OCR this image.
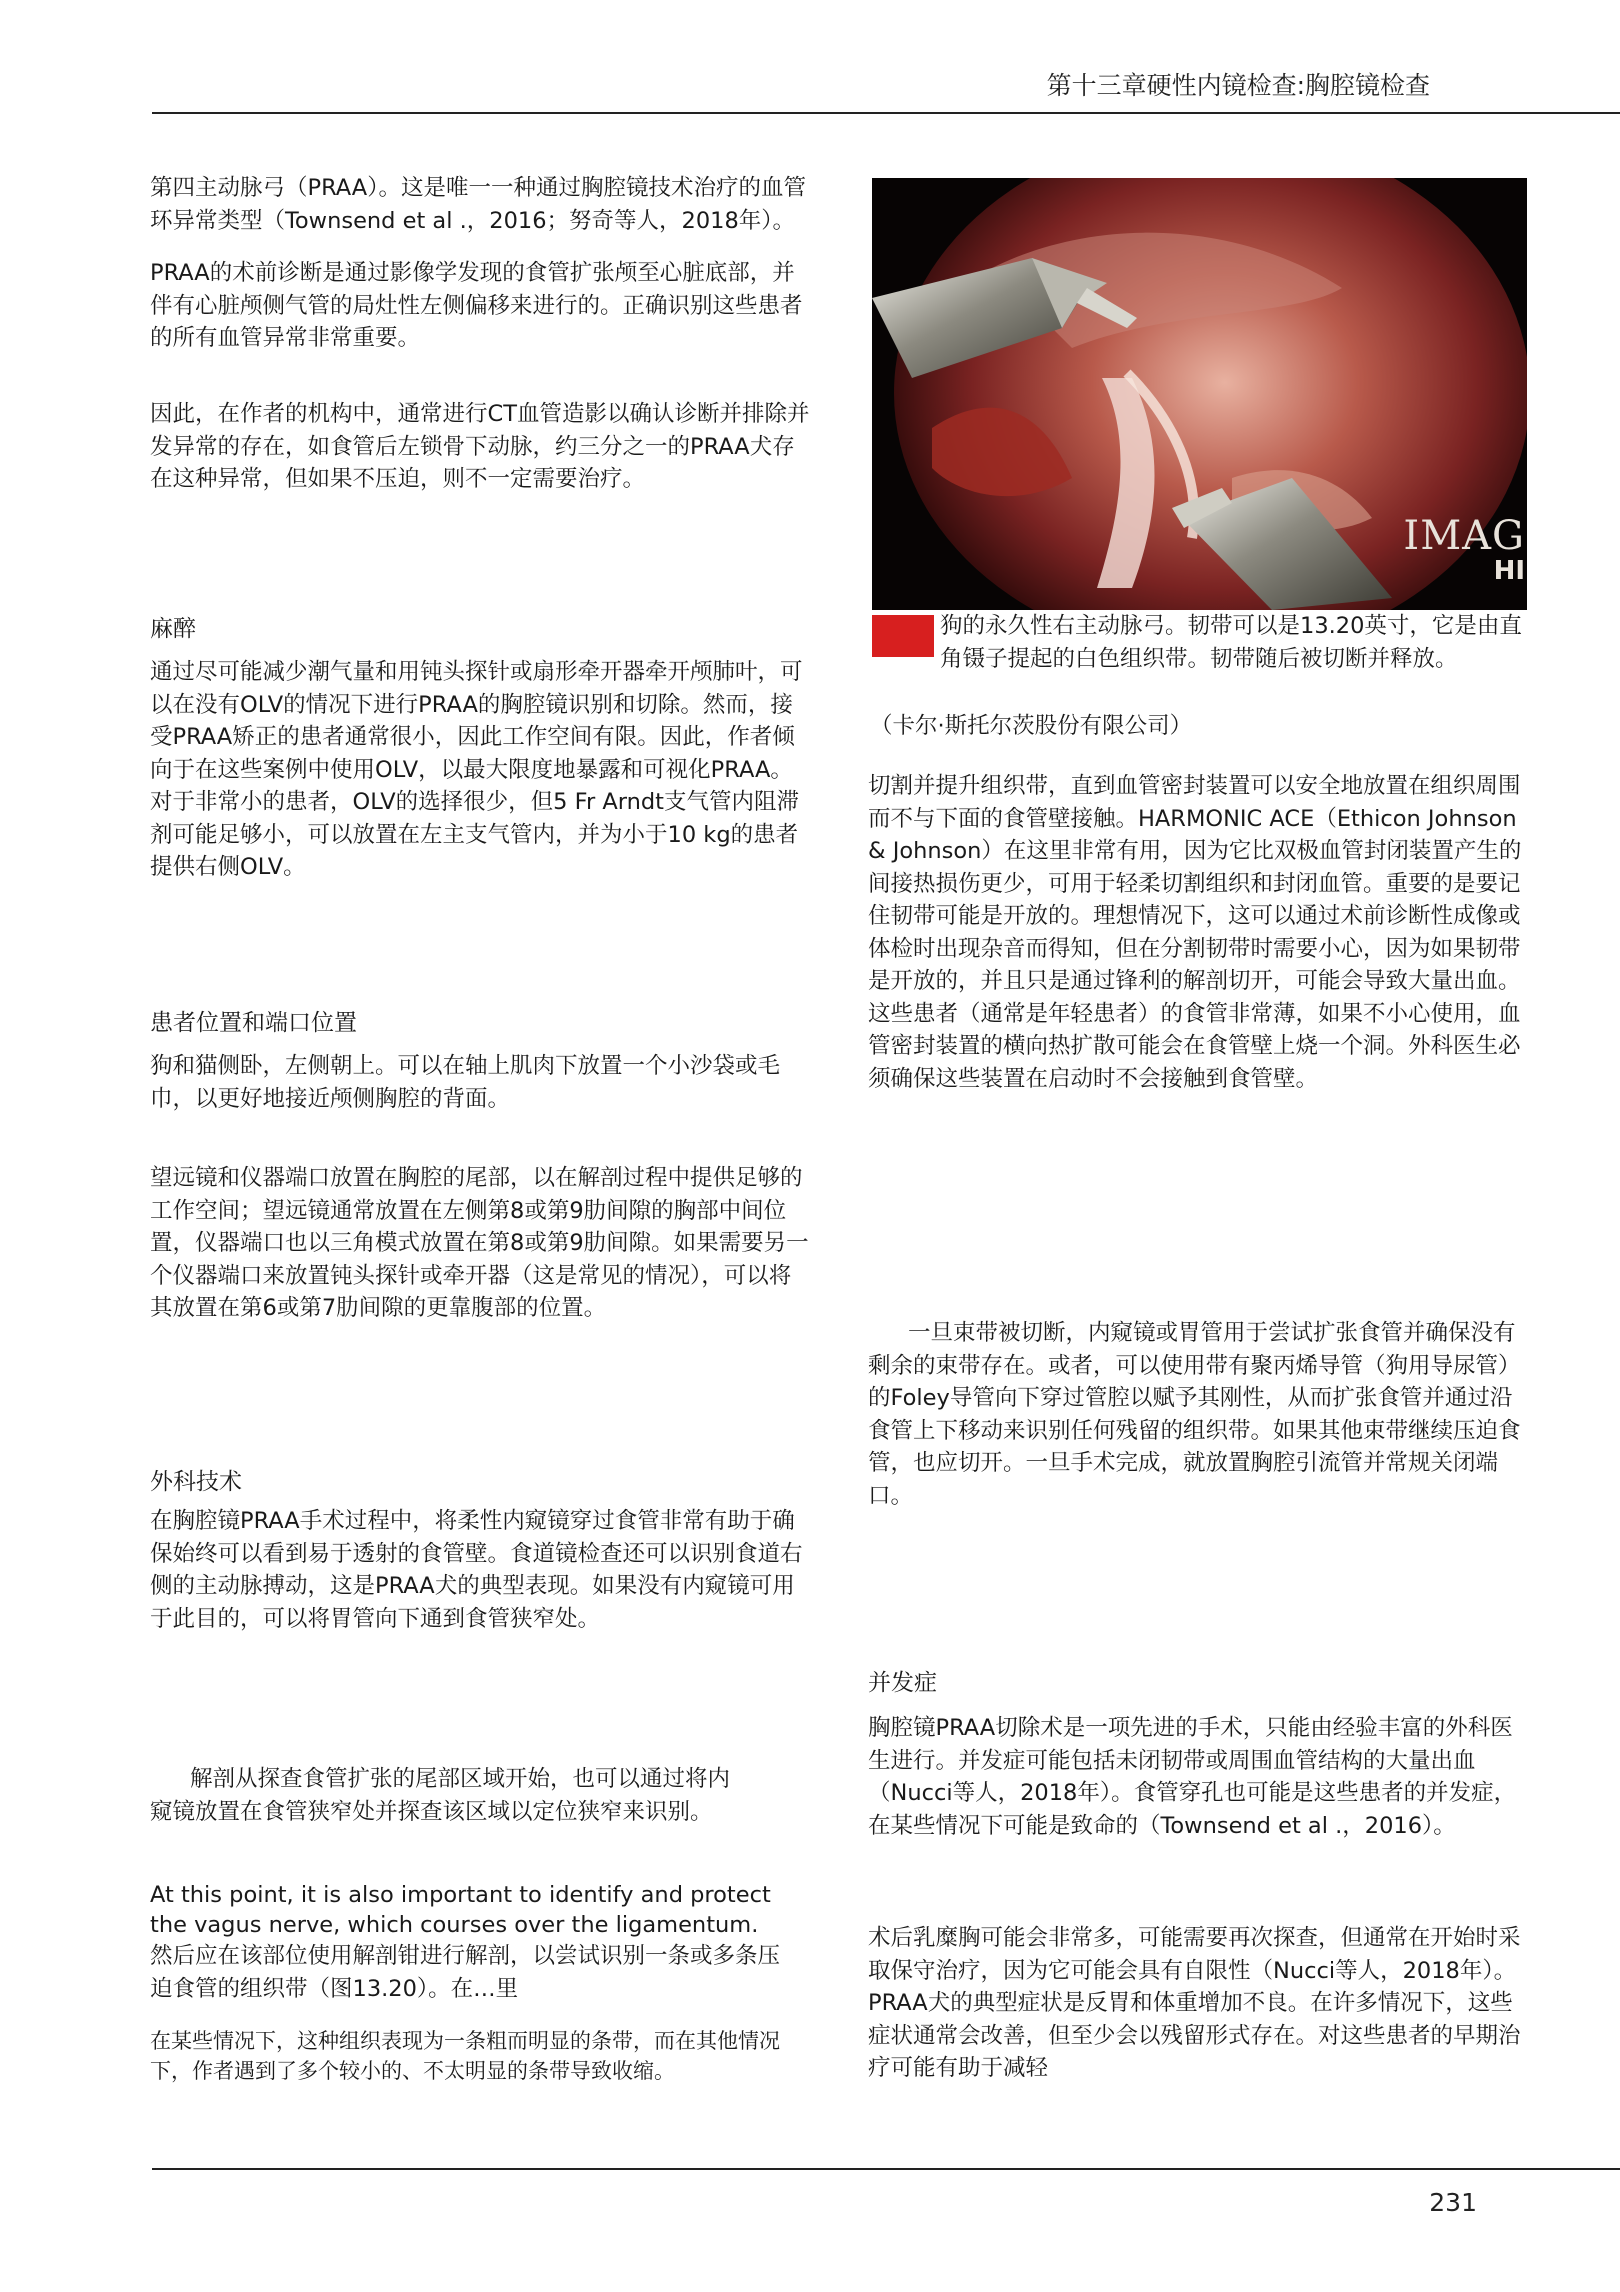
第十三章硬性内镜检查:胸腔镜检查
第四主动脉弓（PRAA）。这是唯一一种通过胸腔镜技术治疗的血管环异常类型（Townsend et al .，2016；努奇等人，2018年）。
PRAA的术前诊断是通过影像学发现的食管扩张颅至心脏底部，并伴有心脏颅侧气管的局灶性左侧偏移来进行的。正确识别这些患者的所有血管异常非常重要。
因此，在作者的机构中，通常进行CT血管造影以确认诊断并排除并发异常的存在，如食管后左锁骨下动脉，约三分之一的PRAA犬存在这种异常，但如果不压迫，则不一定需要治疗。
麻醉
通过尽可能减少潮气量和用钝头探针或扇形牵开器牵开颅肺叶，可以在没有OLV的情况下进行PRAA的胸腔镜识别和切除。然而，接受PRAA矫正的患者通常很小，因此工作空间有限。因此，作者倾向于在这些案例中使用OLV，以最大限度地暴露和可视化PRAA。对于非常小的患者，OLV的选择很少，但5 Fr Arndt支气管内阻滞剂可能足够小，可以放置在左主支气管内，并为小于10 kg的患者提供右侧OLV。
患者位置和端口位置
狗和猫侧卧，左侧朝上。可以在轴上肌肉下放置一个小沙袋或毛巾，以更好地接近颅侧胸腔的背面。
望远镜和仪器端口放置在胸腔的尾部，以在解剖过程中提供足够的工作空间；望远镜通常放置在左侧第8或第9肋间隙的胸部中间位置，仪器端口也以三角模式放置在第8或第9肋间隙。如果需要另一个仪器端口来放置钝头探针或牵开器（这是常见的情况），可以将其放置在第6或第7肋间隙的更靠腹部的位置。
外科技术
在胸腔镜PRAA手术过程中，将柔性内窥镜穿过食管非常有助于确保始终可以看到易于透射的食管壁。食道镜检查还可以识别食道右侧的主动脉搏动，这是PRAA犬的典型表现。如果没有内窥镜可用于此目的，可以将胃管向下通到食管狭窄处。
解剖从探查食管扩张的尾部区域开始，也可以通过将内窥镜放置在食管狭窄处并探查该区域以定位狭窄来识别。
At this point, it is also important to identify and protect the vagus nerve, which courses over the ligamentum.
然后应在该部位使用解剖钳进行解剖，以尝试识别一条或多条压迫食管的组织带（图13.20）。在…里
在某些情况下，这种组织表现为一条粗而明显的条带，而在其他情况下，作者遇到了多个较小的、不太明显的条带导致收缩。
IMAG
HI
狗的永久性右主动脉弓。韧带可以是13.20英寸，它是由直角镊子提起的白色组织带。韧带随后被切断并释放。
（卡尔·斯托尔茨股份有限公司）
切割并提升组织带，直到血管密封装置可以安全地放置在组织周围而不与下面的食管壁接触。HARMONIC ACE（Ethicon Johnson & Johnson）在这里非常有用，因为它比双极血管封闭装置产生的间接热损伤更少，可用于轻柔切割组织和封闭血管。重要的是要记住韧带可能是开放的。理想情况下，这可以通过术前诊断性成像或体检时出现杂音而得知，但在分割韧带时需要小心，因为如果韧带是开放的，并且只是通过锋利的解剖切开，可能会导致大量出血。这些患者（通常是年轻患者）的食管非常薄，如果不小心使用，血管密封装置的横向热扩散可能会在食管壁上烧一个洞。外科医生必须确保这些装置在启动时不会接触到食管壁。
一旦束带被切断，内窥镜或胃管用于尝试扩张食管并确保没有剩余的束带存在。或者，可以使用带有聚丙烯导管（狗用导尿管）的Foley导管向下穿过管腔以赋予其刚性，从而扩张食管并通过沿食管上下移动来识别任何残留的组织带。如果其他束带继续压迫食管，也应切开。一旦手术完成，就放置胸腔引流管并常规关闭端口。
并发症
胸腔镜PRAA切除术是一项先进的手术，只能由经验丰富的外科医生进行。并发症可能包括未闭韧带或周围血管结构的大量出血（Nucci等人，2018年）。食管穿孔也可能是这些患者的并发症，在某些情况下可能是致命的（Townsend et al .，2016）。
术后乳糜胸可能会非常多，可能需要再次探查，但通常在开始时采取保守治疗，因为它可能会具有自限性（Nucci等人，2018年）。PRAA犬的典型症状是反胃和体重增加不良。在许多情况下，这些症状通常会改善，但至少会以残留形式存在。对这些患者的早期治疗可能有助于减轻
231
